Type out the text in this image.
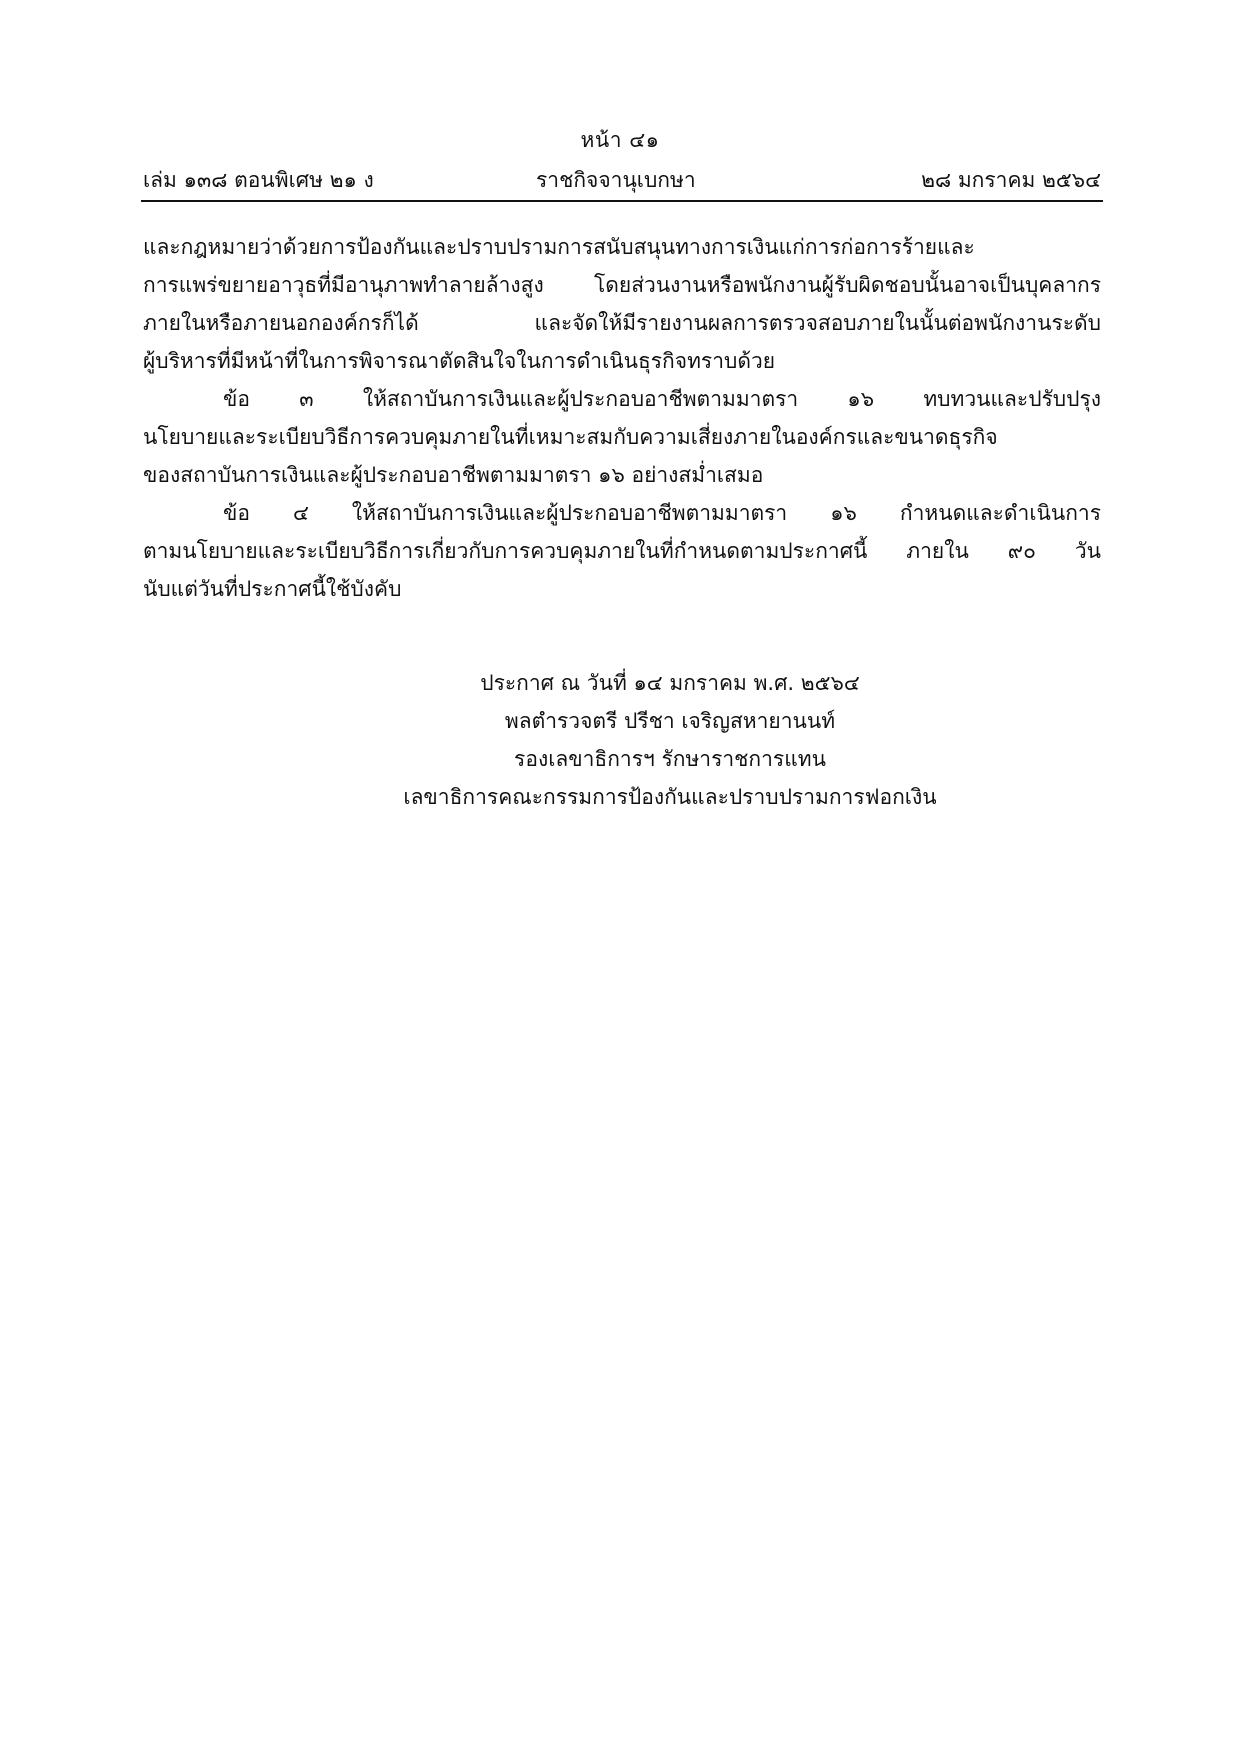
หน้า ๔๑
เล่ม ๑๓๘ ตอนพิเศษ ๒๑ ง	ราชกิจจานุเบกษา	๒๘ มกราคม ๒๕๖๔
และกฎหมายว่าด้วยการป้องกันและปราบปรามการสนับสนุนทางการเงินแก่การก่อการร้ายและ
การแพร่ขยายอาวุธที่มีอานุภาพทำลายล้างสูง โดยส่วนงานหรือพนักงานผู้รับผิดชอบนั้นอาจเป็นบุคลากร
ภายในหรือภายนอกองค์กรก็ได้ และจัดให้มีรายงานผลการตรวจสอบภายในนั้นต่อพนักงานระดับ
ผู้บริหารที่มีหน้าที่ในการพิจารณาตัดสินใจในการดำเนินธุรกิจทราบด้วย
ข้อ ๓ ให้สถาบันการเงินและผู้ประกอบอาชีพตามมาตรา ๑๖ ทบทวนและปรับปรุง
นโยบายและระเบียบวิธีการควบคุมภายในที่เหมาะสมกับความเสี่ยงภายในองค์กรและขนาดธุรกิจ
ของสถาบันการเงินและผู้ประกอบอาชีพตามมาตรา ๑๖ อย่างสม่ำเสมอ
ข้อ ๔ ให้สถาบันการเงินและผู้ประกอบอาชีพตามมาตรา ๑๖ กำหนดและดำเนินการ
ตามนโยบายและระเบียบวิธีการเกี่ยวกับการควบคุมภายในที่กำหนดตามประกาศนี้ ภายใน ๙๐ วัน
นับแต่วันที่ประกาศนี้ใช้บังคับ
ประกาศ ณ วันที่ ๑๔ มกราคม พ.ศ. ๒๕๖๔
พลตำรวจตรี ปรีชา เจริญสหายานนท์
รองเลขาธิการฯ รักษาราชการแทน
เลขาธิการคณะกรรมการป้องกันและปราบปรามการฟอกเงิน
